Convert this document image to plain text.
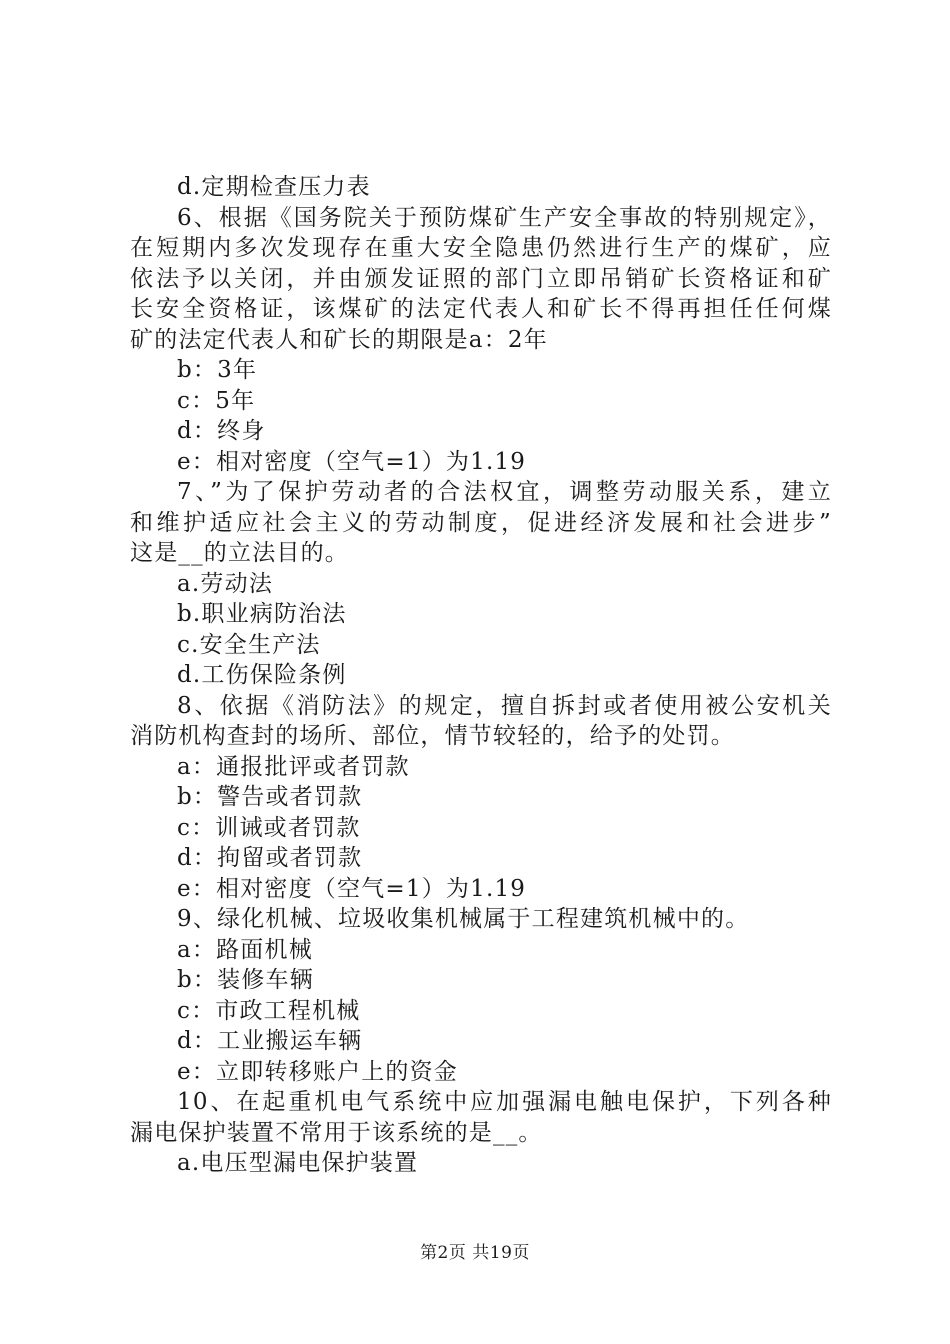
d.定期检查压力表
6、根据《国务院关于预防煤矿生产安全事故的特别规定》，
在短期内多次发现存在重大安全隐患仍然进行生产的煤矿，应
依法予以关闭，并由颁发证照的部门立即吊销矿长资格证和矿
长安全资格证，该煤矿的法定代表人和矿长不得再担任任何煤
矿的法定代表人和矿长的期限是a：2年
b：3年
c：5年
d：终身
e：相对密度（空气=1）为1.19
7、”为了保护劳动者的合法权宜，调整劳动服关系，建立
和维护适应社会主义的劳动制度，促进经济发展和社会进步”
这是__的立法目的。
a.劳动法
b.职业病防治法
c.安全生产法
d.工伤保险条例
8、依据《消防法》的规定，擅自拆封或者使用被公安机关
消防机构查封的场所、部位，情节较轻的，给予的处罚。
a：通报批评或者罚款
b：警告或者罚款
c：训诫或者罚款
d：拘留或者罚款
e：相对密度（空气=1）为1.19
9、绿化机械、垃圾收集机械属于工程建筑机械中的。
a：路面机械
b：装修车辆
c：市政工程机械
d：工业搬运车辆
e：立即转移账户上的资金
10、在起重机电气系统中应加强漏电触电保护，下列各种
漏电保护装置不常用于该系统的是__。
a.电压型漏电保护装置
第2页 共19页
